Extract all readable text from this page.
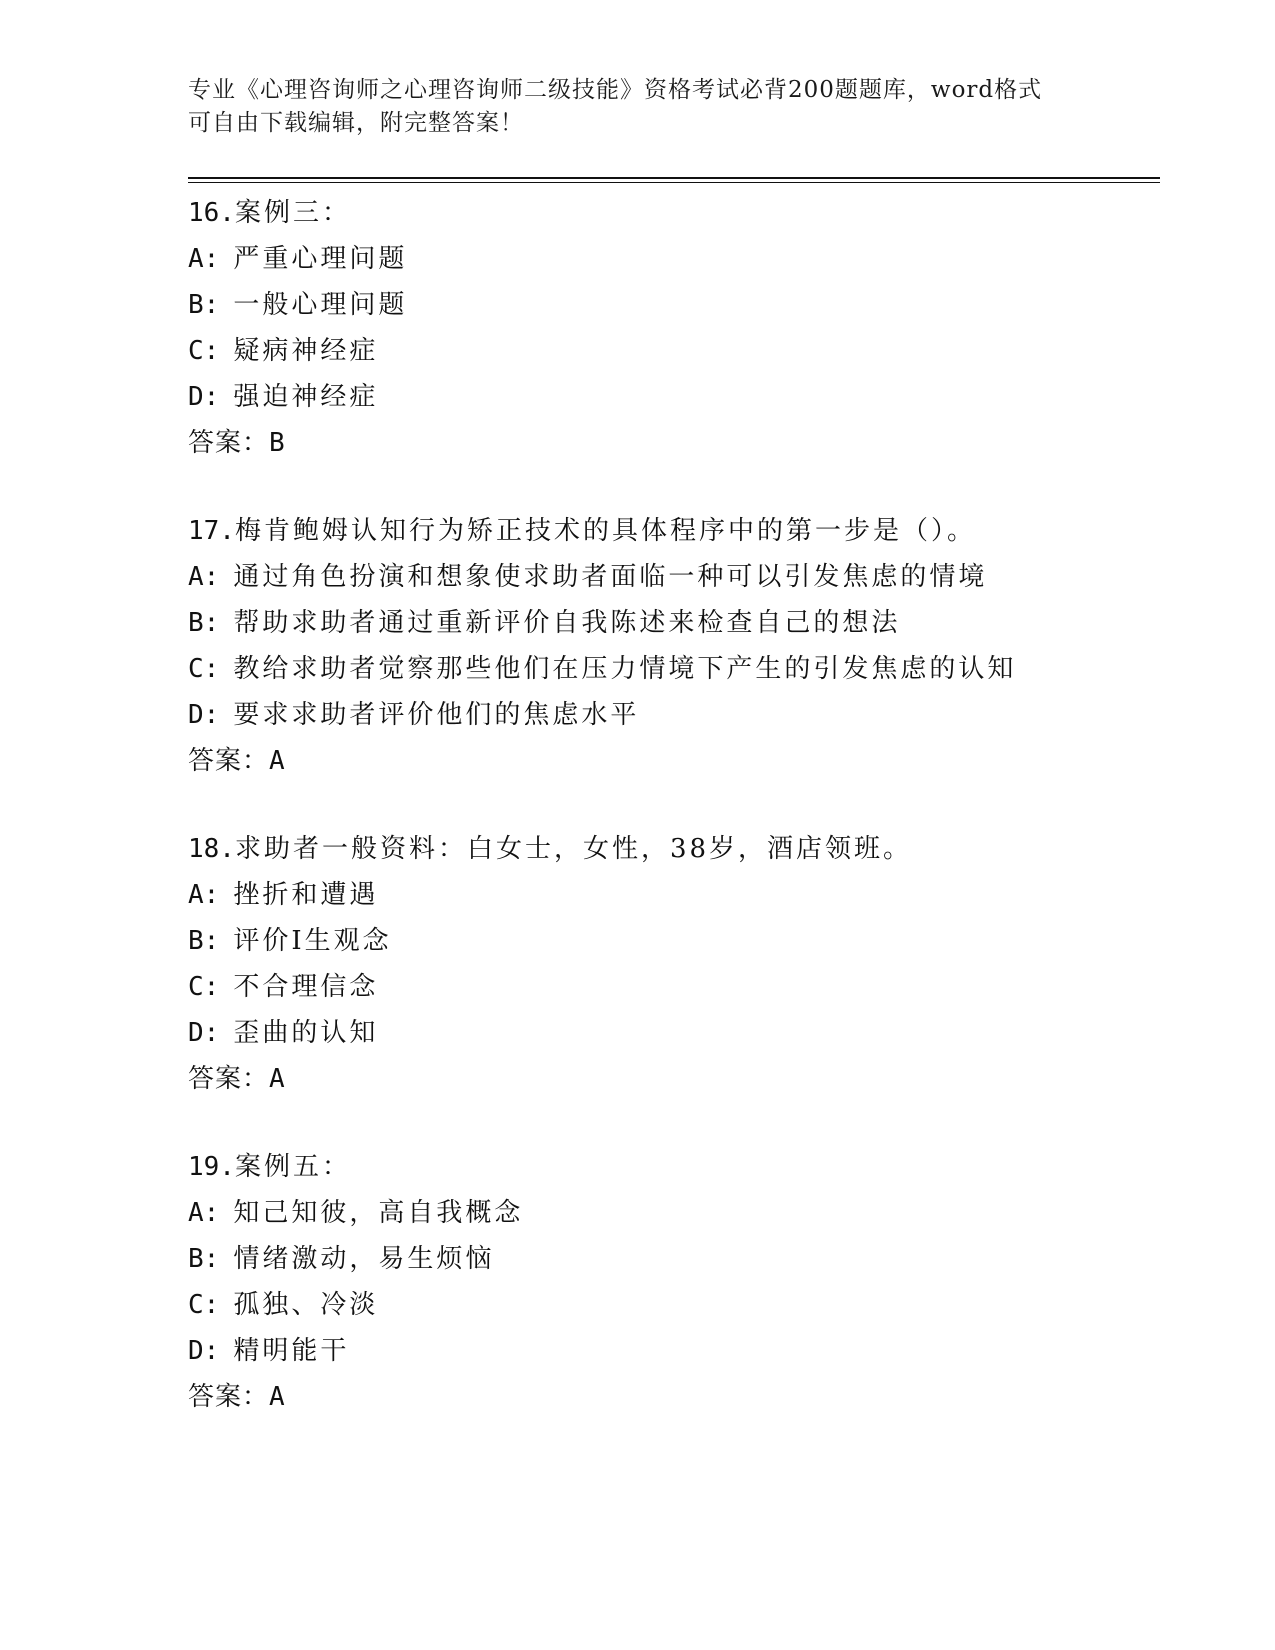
专业《心理咨询师之心理咨询师二级技能》资格考试必背200题题库，word格式
可自由下载编辑，附完整答案！
16.案例三：
A: 严重心理问题
B: 一般心理问题
C: 疑病神经症
D: 强迫神经症
答案：B
17.梅肯鲍姆认知行为矫正技术的具体程序中的第一步是（）。
A: 通过角色扮演和想象使求助者面临一种可以引发焦虑的情境
B: 帮助求助者通过重新评价自我陈述来检查自己的想法
C: 教给求助者觉察那些他们在压力情境下产生的引发焦虑的认知
D: 要求求助者评价他们的焦虑水平
答案：A
18.求助者一般资料：白女士，女性，38岁，酒店领班。
A: 挫折和遭遇
B: 评价I生观念
C: 不合理信念
D: 歪曲的认知
答案：A
19.案例五：
A: 知己知彼，高自我概念
B: 情绪激动，易生烦恼
C: 孤独、冷淡
D: 精明能干
答案：A
